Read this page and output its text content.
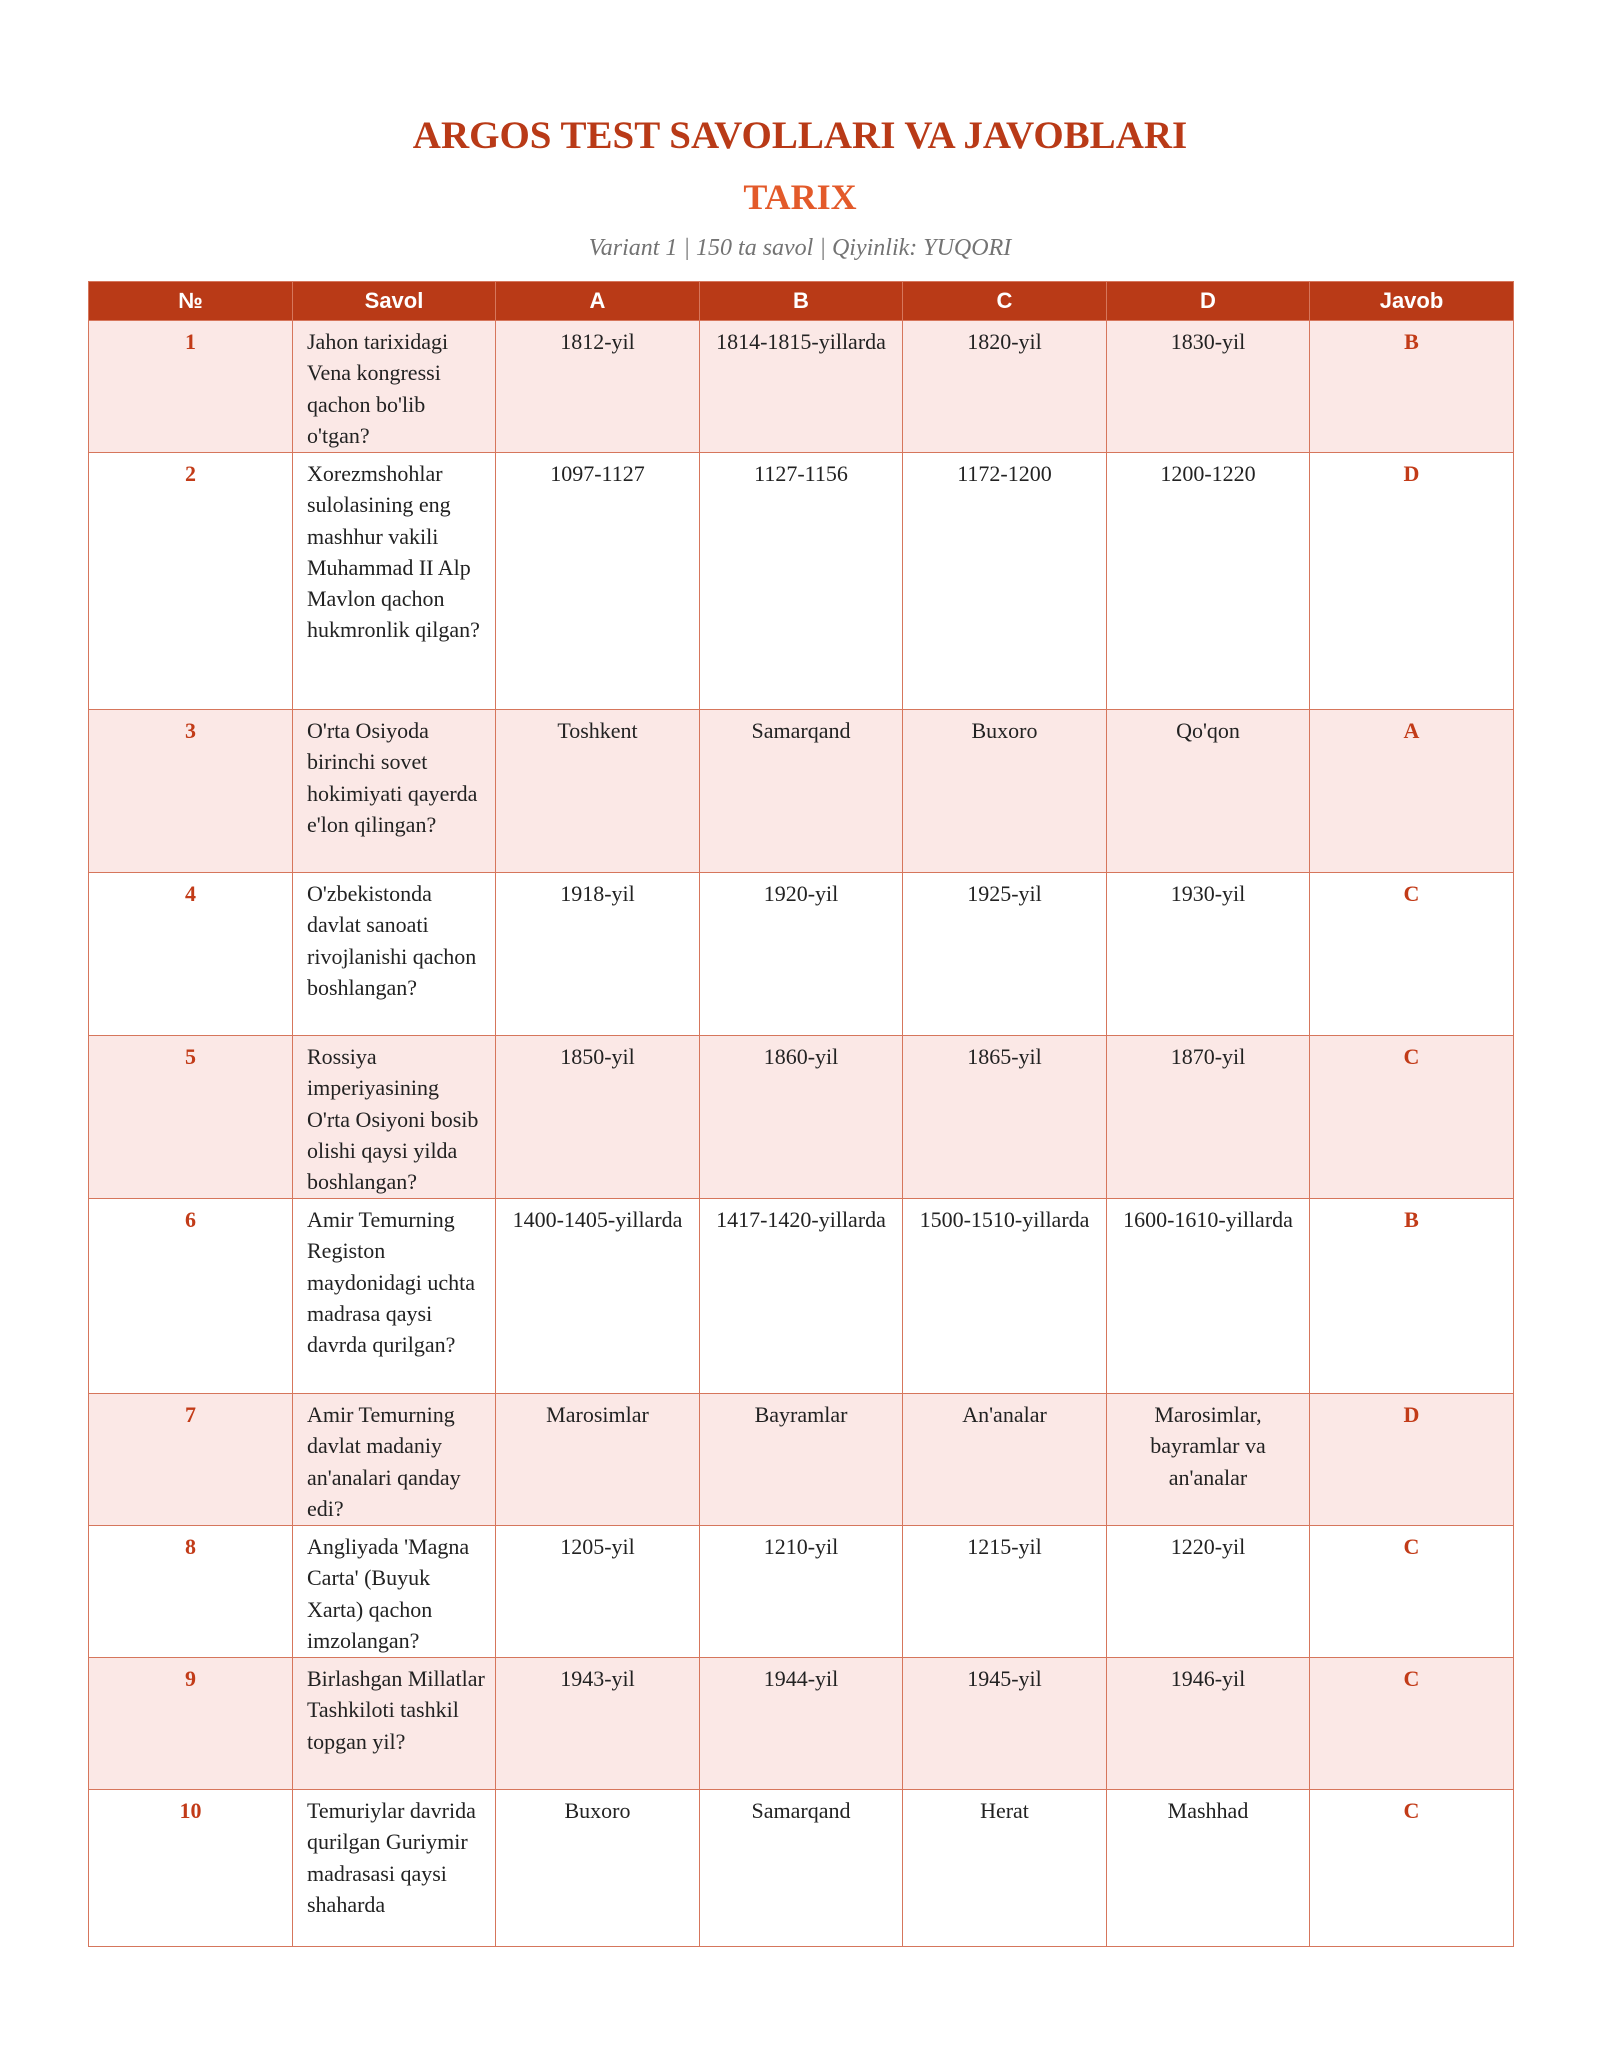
ARGOS TEST SAVOLLARI VA JAVOBLARI
TARIX

Variant 1 | 150 ta savol | Qiyinlik: YUQORI

№	Savol	A	B	C	D	Javob
1	Jahon tarixidagi Vena kongressi qachon bo'lib o'tgan?	1812-yil	1814-1815-yillarda	1820-yil	1830-yil	B
2	Xorezmshohlar sulolasining eng mashhur vakili Muhammad II Alp Mavlon qachon hukmronlik qilgan?	1097-1127	1127-1156	1172-1200	1200-1220	D
3	O'rta Osiyoda birinchi sovet hokimiyati qayerda e'lon qilingan?	Toshkent	Samarqand	Buxoro	Qo'qon	A
4	O'zbekistonda davlat sanoati rivojlanishi qachon boshlangan?	1918-yil	1920-yil	1925-yil	1930-yil	C
5	Rossiya imperiyasining O'rta Osiyoni bosib olishi qaysi yilda boshlangan?	1850-yil	1860-yil	1865-yil	1870-yil	C
6	Amir Temurning Registon maydonidagi uchta madrasa qaysi davrda qurilgan?	1400-1405-yillarda	1417-1420-yillarda	1500-1510-yillarda	1600-1610-yillarda	B
7	Amir Temurning davlat madaniy an'analari qanday edi?	Marosimlar	Bayramlar	An'analar	Marosimlar, bayramlar va an'analar	D
8	Angliyada 'Magna Carta' (Buyuk Xarta) qachon imzolangan?	1205-yil	1210-yil	1215-yil	1220-yil	C
9	Birlashgan Millatlar Tashkiloti tashkil topgan yil?	1943-yil	1944-yil	1945-yil	1946-yil	C
10	Temuriylar davrida qurilgan Guriymir madrasasi qaysi shaharda	Buxoro	Samarqand	Herat	Mashhad	C
